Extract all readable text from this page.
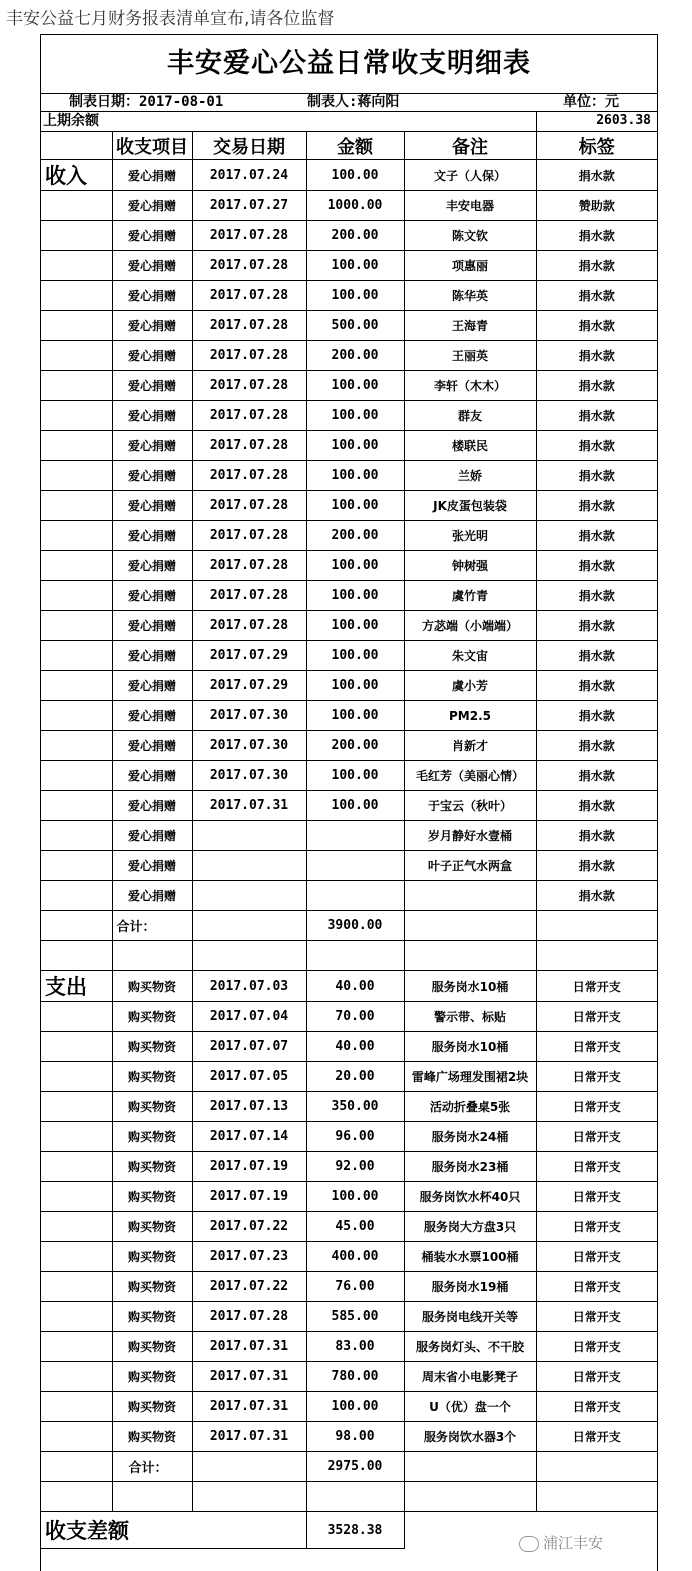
丰安公益七月财务报表清单宣布,请各位监督
丰安爱心公益日常收支明细表
制表日期：2017-08-01	制表人:蒋向阳	单位：元
上期余额	2603.38
	收支项目	交易日期	金额	备注	标签
收入	爱心捐赠	2017.07.24	100.00	文子（人保）	捐水款
	爱心捐赠	2017.07.27	1000.00	丰安电器	赞助款
	爱心捐赠	2017.07.28	200.00	陈文钦	捐水款
	爱心捐赠	2017.07.28	100.00	项惠丽	捐水款
	爱心捐赠	2017.07.28	100.00	陈华英	捐水款
	爱心捐赠	2017.07.28	500.00	王海青	捐水款
	爱心捐赠	2017.07.28	200.00	王丽英	捐水款
	爱心捐赠	2017.07.28	100.00	李轩（木木）	捐水款
	爱心捐赠	2017.07.28	100.00	群友	捐水款
	爱心捐赠	2017.07.28	100.00	楼联民	捐水款
	爱心捐赠	2017.07.28	100.00	兰娇	捐水款
	爱心捐赠	2017.07.28	100.00	JK皮蛋包装袋	捐水款
	爱心捐赠	2017.07.28	200.00	张光明	捐水款
	爱心捐赠	2017.07.28	100.00	钟树强	捐水款
	爱心捐赠	2017.07.28	100.00	虞竹青	捐水款
	爱心捐赠	2017.07.28	100.00	方苾端（小端端）	捐水款
	爱心捐赠	2017.07.29	100.00	朱文宙	捐水款
	爱心捐赠	2017.07.29	100.00	虞小芳	捐水款
	爱心捐赠	2017.07.30	100.00	PM2.5	捐水款
	爱心捐赠	2017.07.30	200.00	肖新才	捐水款
	爱心捐赠	2017.07.30	100.00	毛红芳（美丽心情）	捐水款
	爱心捐赠	2017.07.31	100.00	于宝云（秋叶）	捐水款
	爱心捐赠			岁月静好水壹桶	捐水款
	爱心捐赠			叶子正气水两盒	捐水款
	爱心捐赠				捐水款
	合计：		3900.00		

支出	购买物资	2017.07.03	40.00	服务岗水10桶	日常开支
	购买物资	2017.07.04	70.00	警示带、标贴	日常开支
	购买物资	2017.07.07	40.00	服务岗水10桶	日常开支
	购买物资	2017.07.05	20.00	雷峰广场理发围裙2块	日常开支
	购买物资	2017.07.13	350.00	活动折叠桌5张	日常开支
	购买物资	2017.07.14	96.00	服务岗水24桶	日常开支
	购买物资	2017.07.19	92.00	服务岗水23桶	日常开支
	购买物资	2017.07.19	100.00	服务岗饮水杯40只	日常开支
	购买物资	2017.07.22	45.00	服务岗大方盘3只	日常开支
	购买物资	2017.07.23	400.00	桶装水水票100桶	日常开支
	购买物资	2017.07.22	76.00	服务岗水19桶	日常开支
	购买物资	2017.07.28	585.00	服务岗电线开关等	日常开支
	购买物资	2017.07.31	83.00	服务岗灯头、不干胶	日常开支
	购买物资	2017.07.31	780.00	周末省小电影凳子	日常开支
	购买物资	2017.07.31	100.00	U（优）盘一个	日常开支
	购买物资	2017.07.31	98.00	服务岗饮水器3个	日常开支
	合计：		2975.00		

收支差额			3528.38		
浦江丰安
